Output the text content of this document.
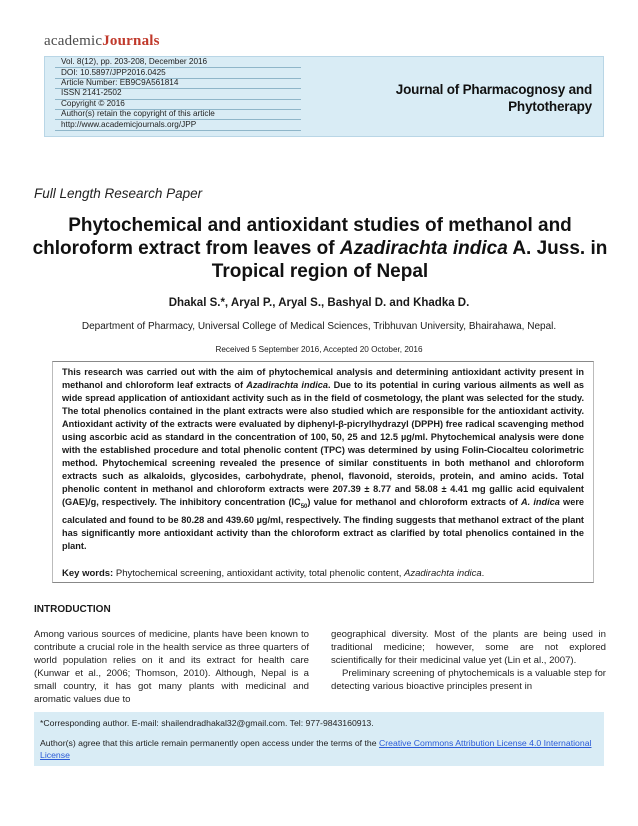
academicJournals
Vol. 8(12), pp. 203-208, December 2016
DOI: 10.5897/JPP2016.0425
Article Number: EB9C9A561814
ISSN 2141-2502
Copyright © 2016
Author(s) retain the copyright of this article
http://www.academicjournals.org/JPP
Journal of Pharmacognosy and
Phytotherapy
Full Length Research Paper
Phytochemical and antioxidant studies of methanol and chloroform extract from leaves of Azadirachta indica A. Juss. in Tropical region of Nepal
Dhakal S.*, Aryal P., Aryal S., Bashyal D. and Khadka D.
Department of Pharmacy, Universal College of Medical Sciences, Tribhuvan University, Bhairahawa, Nepal.
Received 5 September 2016, Accepted 20 October, 2016
This research was carried out with the aim of phytochemical analysis and determining antioxidant activity present in methanol and chloroform leaf extracts of Azadirachta indica. Due to its potential in curing various ailments as well as wide spread application of antioxidant activity such as in the field of cosmetology, the plant was selected for the study. The total phenolics contained in the plant extracts were also studied which are responsible for the antioxidant activity. Antioxidant activity of the extracts were evaluated by diphenyl-β-picrylhydrazyl (DPPH) free radical scavenging method using ascorbic acid as standard in the concentration of 100, 50, 25 and 12.5 µg/ml. Phytochemical analysis were done with the established procedure and total phenolic content (TPC) was determined by using Folin-Ciocalteu colorimetric method. Phytochemical screening revealed the presence of similar constituents in both methanol and chloroform extracts such as alkaloids, glycosides, carbohydrate, phenol, flavonoid, steroids, protein, and amino acids. Total phenolic content in methanol and chloroform extracts were 207.39 ± 8.77 and 58.08 ± 4.41 mg gallic acid equivalent (GAE)/g, respectively. The inhibitory concentration $(IC_{50})$ value for methanol and chloroform extracts of A. indica were calculated and found to be 80.28 and 439.60 µg/ml, respectively. The finding suggests that methanol extract of the plant has significantly more antioxidant activity than the chloroform extract as clarified by total phenolics contained in the plant.
Key words: Phytochemical screening, antioxidant activity, total phenolic content, Azadirachta indica.
INTRODUCTION

Among various sources of medicine, plants have been known to contribute a crucial role in the health service as three quarters of world population relies on it and its extract for health care (Kunwar et al., 2006; Thomson, 2010). Although, Nepal is a small country, it has got many plants with medicinal and aromatic values due to

geographical diversity. Most of the plants are being used in traditional medicine; however, some are not explored scientifically for their medicinal value yet (Lin et al., 2007).

Preliminary screening of phytochemicals is a valuable step for detecting various bioactive principles present in

*Corresponding author. E-mail: shailendradhakal32@gmail.com. Tel: 977-9843160913.
Author(s) agree that this article remain permanently open access under the terms of the Creative Commons Attribution License 4.0 International License
